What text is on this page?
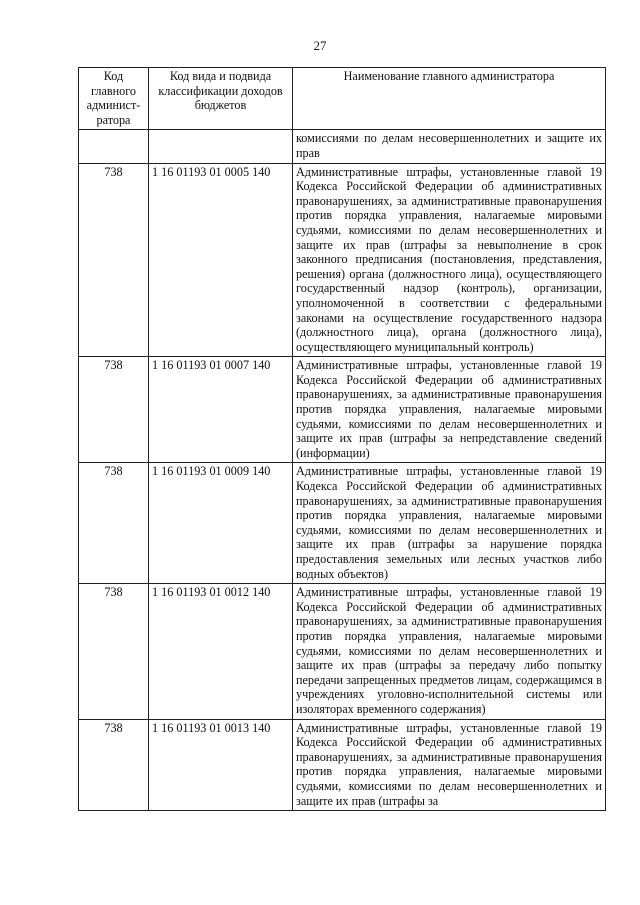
27
Код главного админист-ратора	Код вида и подвида классификации доходов бюджетов	Наименование главного администратора
		комиссиями по делам несовершеннолетних и защите их прав
738	1 16 01193 01 0005 140	Административные штрафы, установленные главой 19 Кодекса Российской Федерации об административных правонарушениях, за административные правонарушения против порядка управления, налагаемые мировыми судьями, комиссиями по делам несовершеннолетних и защите их прав (штрафы за невыполнение в срок законного предписания (постановления, представления, решения) органа (должностного лица), осуществляющего государственный надзор (контроль), организации, уполномоченной в соответствии с федеральными законами на осуществление государственного надзора (должностного лица), органа (должностного лица), осуществляющего муниципальный контроль)
738	1 16 01193 01 0007 140	Административные штрафы, установленные главой 19 Кодекса Российской Федерации об административных правонарушениях, за административные правонарушения против порядка управления, налагаемые мировыми судьями, комиссиями по делам несовершеннолетних и защите их прав (штрафы за непредставление сведений (информации)
738	1 16 01193 01 0009 140	Административные штрафы, установленные главой 19 Кодекса Российской Федерации об административных правонарушениях, за административные правонарушения против порядка управления, налагаемые мировыми судьями, комиссиями по делам несовершеннолетних и защите их прав (штрафы за нарушение порядка предоставления земельных или лесных участков либо водных объектов)
738	1 16 01193 01 0012 140	Административные штрафы, установленные главой 19 Кодекса Российской Федерации об административных правонарушениях, за административные правонарушения против порядка управления, налагаемые мировыми судьями, комиссиями по делам несовершеннолетних и защите их прав (штрафы за передачу либо попытку передачи запрещенных предметов лицам, содержащимся в учреждениях уголовно-исполнительной системы или изоляторах временного содержания)
738	1 16 01193 01 0013 140	Административные штрафы, установленные главой 19 Кодекса Российской Федерации об административных правонарушениях, за административные правонарушения против порядка управления, налагаемые мировыми судьями, комиссиями по делам несовершеннолетних и защите их прав (штрафы за
